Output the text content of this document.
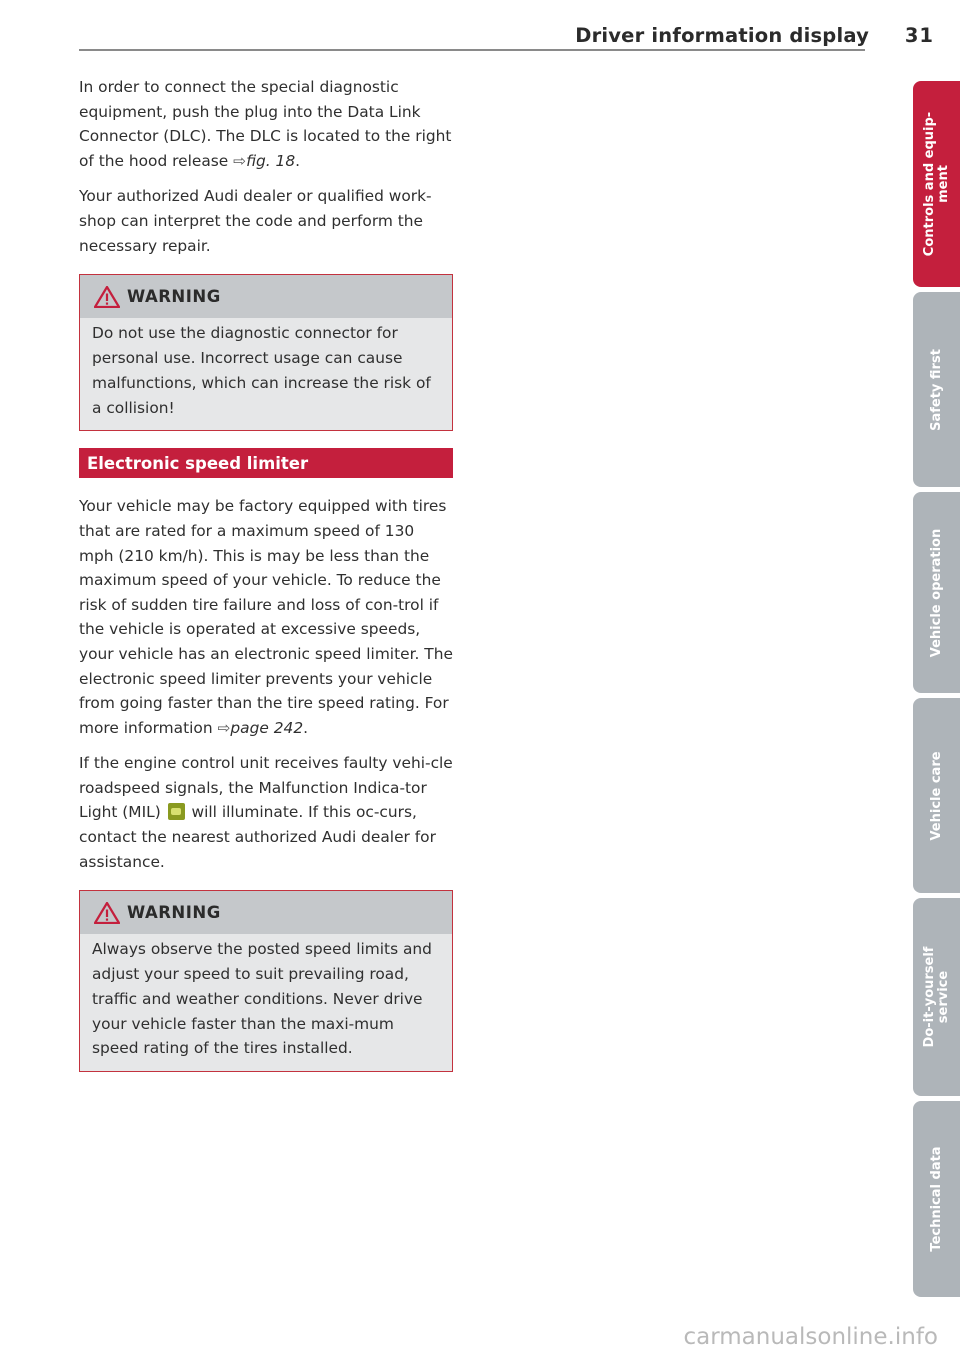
Driver information display 31

In order to connect the special diagnostic equipment, push the plug into the Data Link Connector (DLC). The DLC is located to the right of the hood release ⇨fig. 18.

Your authorized Audi dealer or qualified work-shop can interpret the code and perform the necessary repair.

WARNING
Do not use the diagnostic connector for personal use. Incorrect usage can cause malfunctions, which can increase the risk of a collision!
Electronic speed limiter

Your vehicle may be factory equipped with tires that are rated for a maximum speed of 130 mph (210 km/h). This is may be less than the maximum speed of your vehicle. To reduce the risk of sudden tire failure and loss of con-trol if the vehicle is operated at excessive speeds, your vehicle has an electronic speed limiter. The electronic speed limiter prevents your vehicle from going faster than the tire speed rating. For more information ⇨page 242.

If the engine control unit receives faulty vehi-cle roadspeed signals, the Malfunction Indica-tor Light (MIL) will illuminate. If this oc-curs, contact the nearest authorized Audi dealer for assistance.

WARNING
Always observe the posted speed limits and adjust your speed to suit prevailing road, traffic and weather conditions. Never drive your vehicle faster than the maxi-mum speed rating of the tires installed.
Controls and equip-
ment
Safety first
Vehicle operation
Vehicle care
Do-it-yourself
service
Technical data
carmanualsonline.info
